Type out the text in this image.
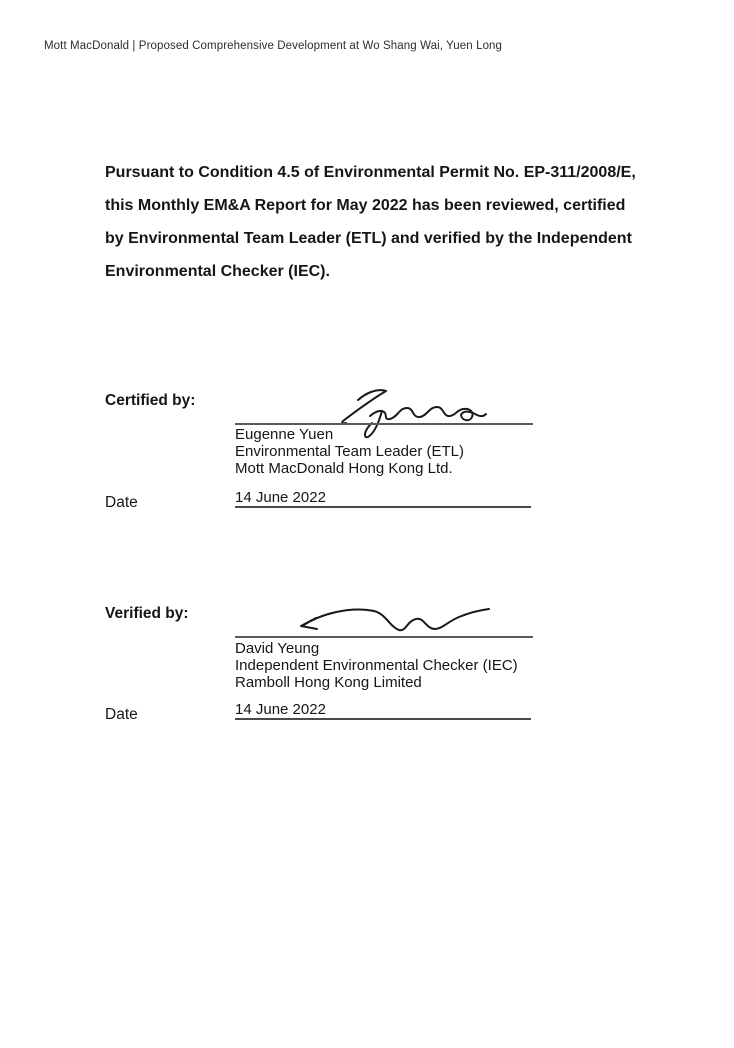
Mott MacDonald | Proposed Comprehensive Development at Wo Shang Wai, Yuen Long
Pursuant to Condition 4.5 of Environmental Permit No. EP-311/2008/E,
this Monthly EM&A Report for May 2022 has been reviewed, certified
by Environmental Team Leader (ETL) and verified by the Independent
Environmental Checker (IEC).
Certified by:
Eugenne Yuen
Environmental Team Leader (ETL)
Mott MacDonald Hong Kong Ltd.
Date	14 June 2022
Verified by:
David Yeung
Independent Environmental Checker (IEC)
Ramboll Hong Kong Limited
Date	14 June 2022
